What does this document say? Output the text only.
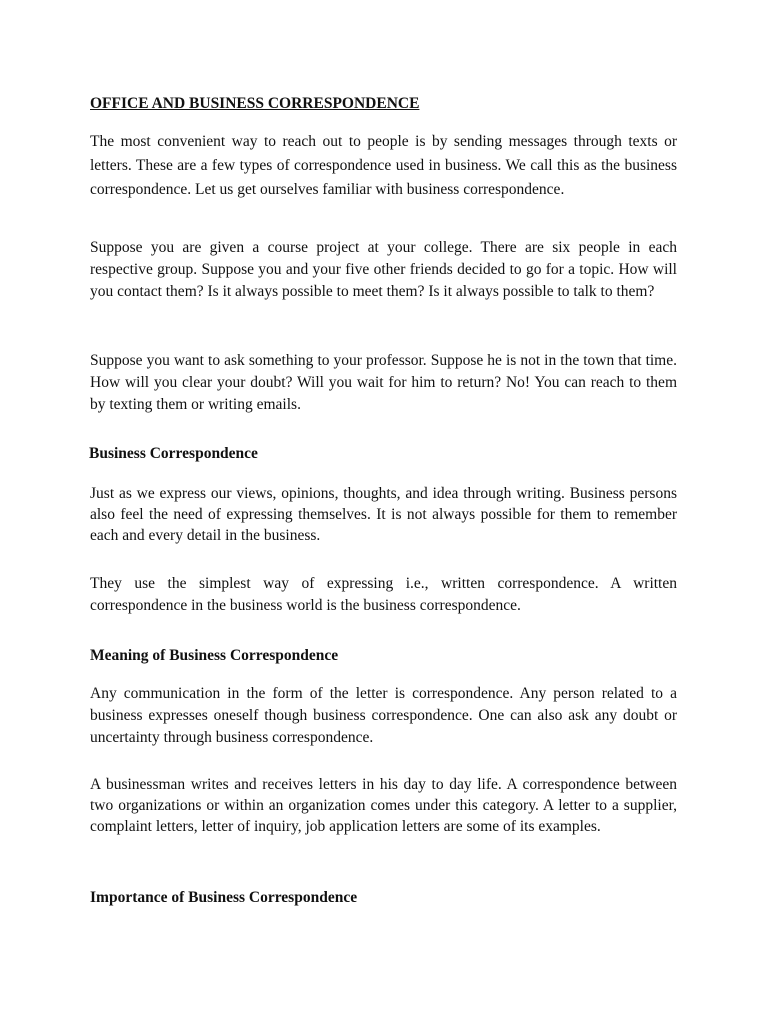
OFFICE AND BUSINESS CORRESPONDENCE

The most convenient way to reach out to people is by sending messages through texts or letters. These are a few types of correspondence used in business. We call this as the business correspondence. Let us get ourselves familiar with business correspondence.

Suppose you are given a course project at your college. There are six people in each respective group. Suppose you and your five other friends decided to go for a topic. How will you contact them? Is it always possible to meet them? Is it always possible to talk to them?

Suppose you want to ask something to your professor. Suppose he is not in the town that time. How will you clear your doubt? Will you wait for him to return? No! You can reach to them by texting them or writing emails.

Business Correspondence

Just as we express our views, opinions, thoughts, and idea through writing. Business persons also feel the need of expressing themselves. It is not always possible for them to remember each and every detail in the business.

They use the simplest way of expressing i.e., written correspondence. A written correspondence in the business world is the business correspondence.

Meaning of Business Correspondence

Any communication in the form of the letter is correspondence. Any person related to a business expresses oneself though business correspondence. One can also ask any doubt or uncertainty through business correspondence.

A businessman writes and receives letters in his day to day life. A correspondence between two organizations or within an organization comes under this category. A letter to a supplier, complaint letters, letter of inquiry, job application letters are some of its examples.

Importance of Business Correspondence
